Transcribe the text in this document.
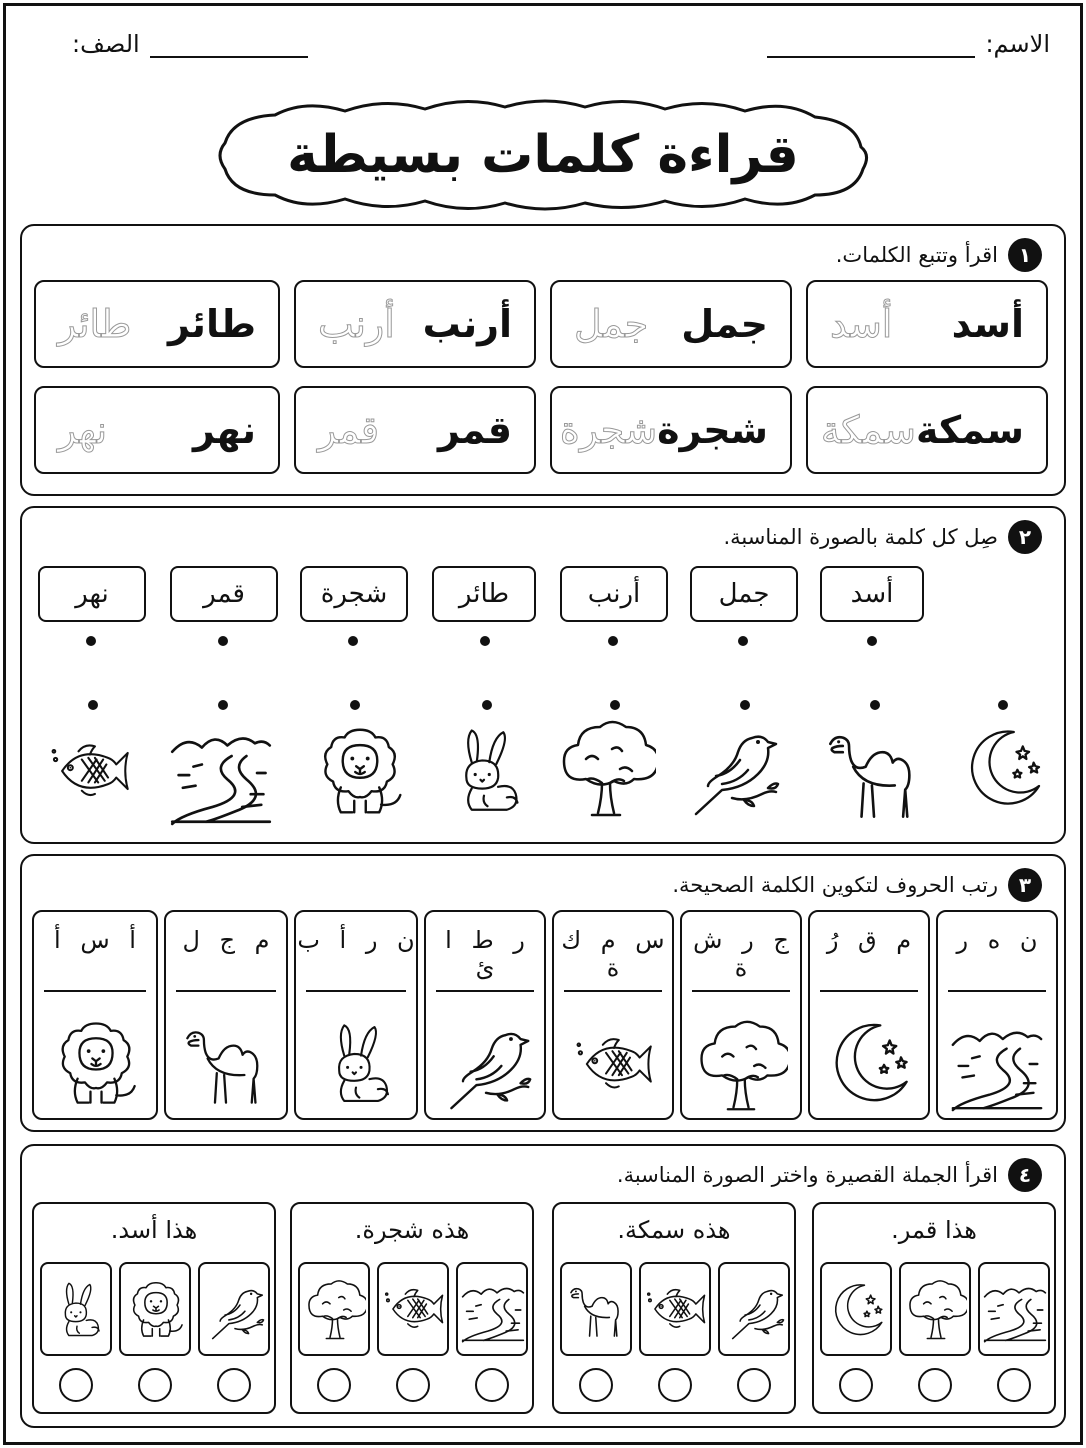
الاسم:
الصف:
قراءة كلمات بسيطة
١
اقرأ وتتبع الكلمات.
أسد
أسد
جمل
جمل
أرنب
أرنب
طائر
طائر
سمكة
سمكة
شجرة
شجرة
قمر
قمر
نهر
نهر
٢
صِل كل كلمة بالصورة المناسبة.
أسد
جمل
أرنب
طائر
شجرة
قمر
نهر
٣
رتب الحروف لتكوين الكلمة الصحيحة.
ن ه ر
م ق رُ
ج ر ش ة
س م ك ة
ر ط ا ئ
ن ر أ ب
م ج ل
أ س أ
٤
اقرأ الجملة القصيرة واختر الصورة المناسبة.
هذا قمر.
هذه سمكة.
هذه شجرة.
هذا أسد.
